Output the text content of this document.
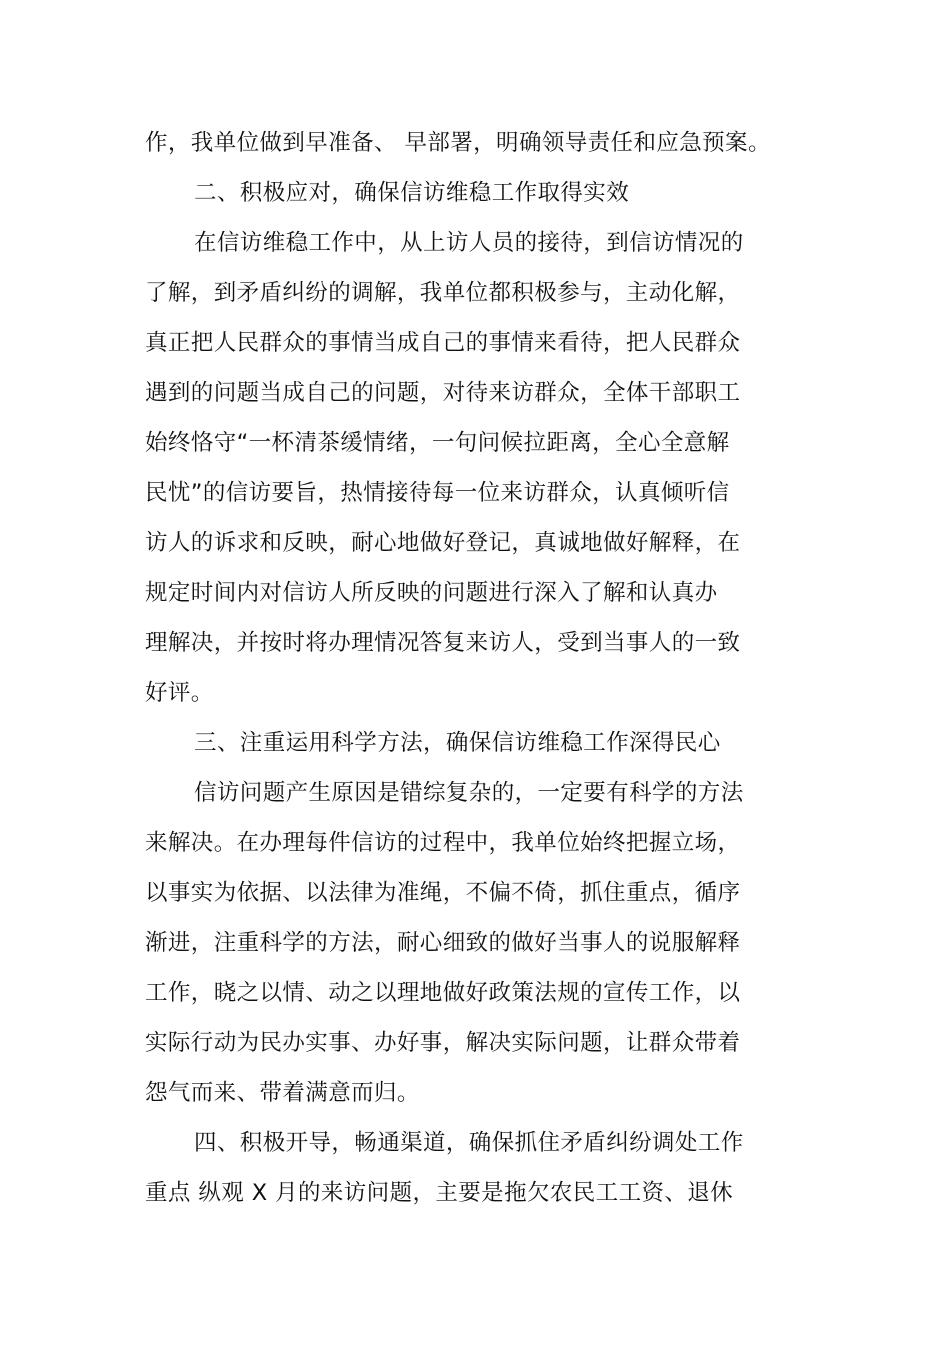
作，我单位做到早准备、 早部署，明确领导责任和应急预案。
二、积极应对，确保信访维稳工作取得实效
在信访维稳工作中，从上访人员的接待，到信访情况的
了解，到矛盾纠纷的调解，我单位都积极参与，主动化解，
真正把人民群众的事情当成自己的事情来看待，把人民群众
遇到的问题当成自己的问题，对待来访群众，全体干部职工
始终恪守“一杯清茶缓情绪，一句问候拉距离，全心全意解
民忧”的信访要旨，热情接待每一位来访群众，认真倾听信
访人的诉求和反映，耐心地做好登记，真诚地做好解释，在
规定时间内对信访人所反映的问题进行深入了解和认真办
理解决，并按时将办理情况答复来访人，受到当事人的一致
好评。
三、注重运用科学方法，确保信访维稳工作深得民心
信访问题产生原因是错综复杂的，一定要有科学的方法
来解决。在办理每件信访的过程中，我单位始终把握立场，
以事实为依据、以法律为准绳，不偏不倚，抓住重点，循序
渐进，注重科学的方法，耐心细致的做好当事人的说服解释
工作，晓之以情、动之以理地做好政策法规的宣传工作，以
实际行动为民办实事、办好事，解决实际问题，让群众带着
怨气而来、带着满意而归。
四、积极开导，畅通渠道，确保抓住矛盾纠纷调处工作
重点 纵观 X 月的来访问题，主要是拖欠农民工工资、退休
